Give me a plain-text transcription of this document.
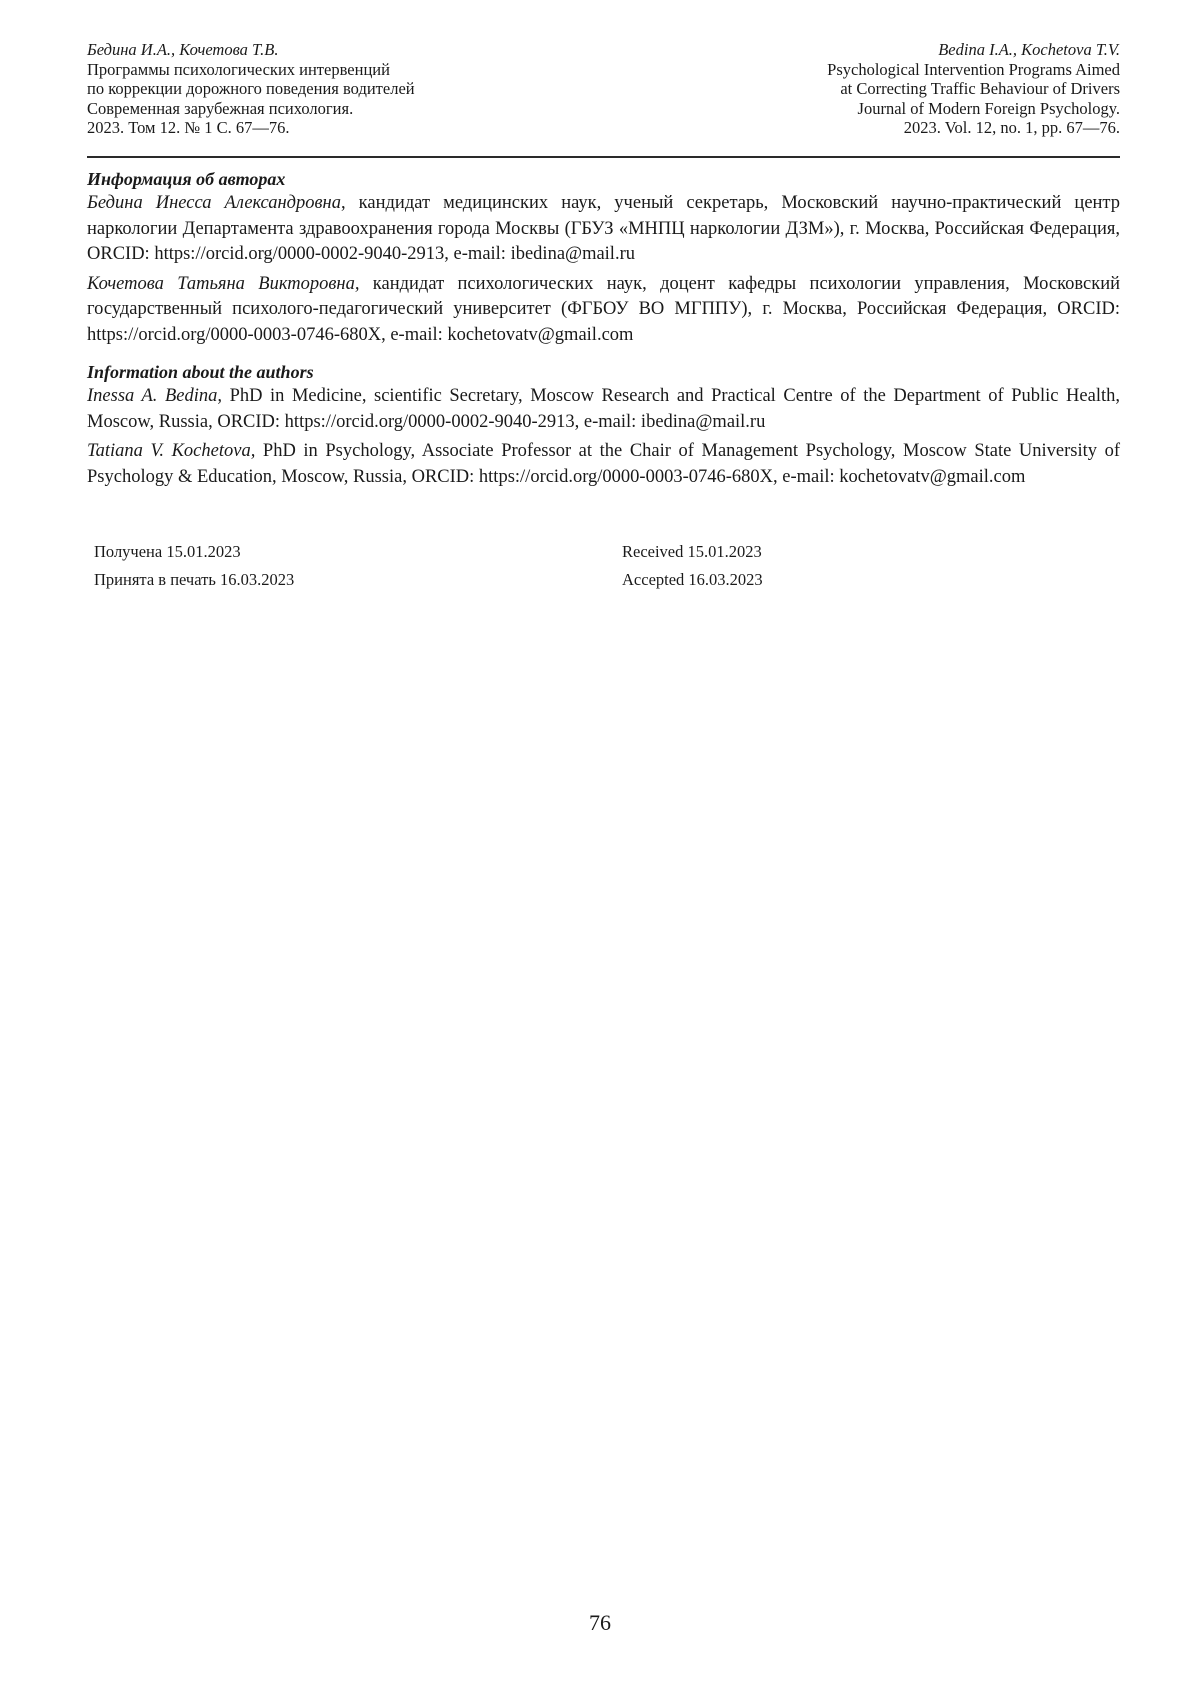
Бедина И.А., Кочетова Т.В.
Программы психологических интервенций
по коррекции дорожного поведения водителей
Современная зарубежная психология.
2023. Том 12. № 1 С. 67—76.
Bedina I.A., Kochetova T.V.
Psychological Intervention Programs Aimed
at Correcting Traffic Behaviour of Drivers
Journal of Modern Foreign Psychology.
2023. Vol. 12, no. 1, pp. 67—76.

Информация об авторах

Бедина Инесса Александровна, кандидат медицинских наук, ученый секретарь, Московский научно-практический центр наркологии Департамента здравоохранения города Москвы (ГБУЗ «МНПЦ наркологии ДЗМ»), г. Москва, Российская Федерация, ORCID: https://orcid.org/0000-0002-9040-2913, e-mail: ibedina@mail.ru

Кочетова Татьяна Викторовна, кандидат психологических наук, доцент кафедры психологии управления, Московский государственный психолого-педагогический университет (ФГБОУ ВО МГППУ), г. Москва, Российская Федерация, ORCID: https://orcid.org/0000-0003-0746-680X, e-mail: kochetovatv@gmail.com

Information about the authors

Inessa A. Bedina, PhD in Medicine, scientific Secretary, Moscow Research and Practical Centre of the Department of Public Health, Moscow, Russia, ORCID: https://orcid.org/0000-0002-9040-2913, e-mail: ibedina@mail.ru

Tatiana V. Kochetova, PhD in Psychology, Associate Professor at the Chair of Management Psychology, Moscow State University of Psychology & Education, Moscow, Russia, ORCID: https://orcid.org/0000-0003-0746-680X, e-mail: kochetovatv@gmail.com

Получена 15.01.2023
Принята в печать 16.03.2023
Received 15.01.2023
Accepted 16.03.2023
76
